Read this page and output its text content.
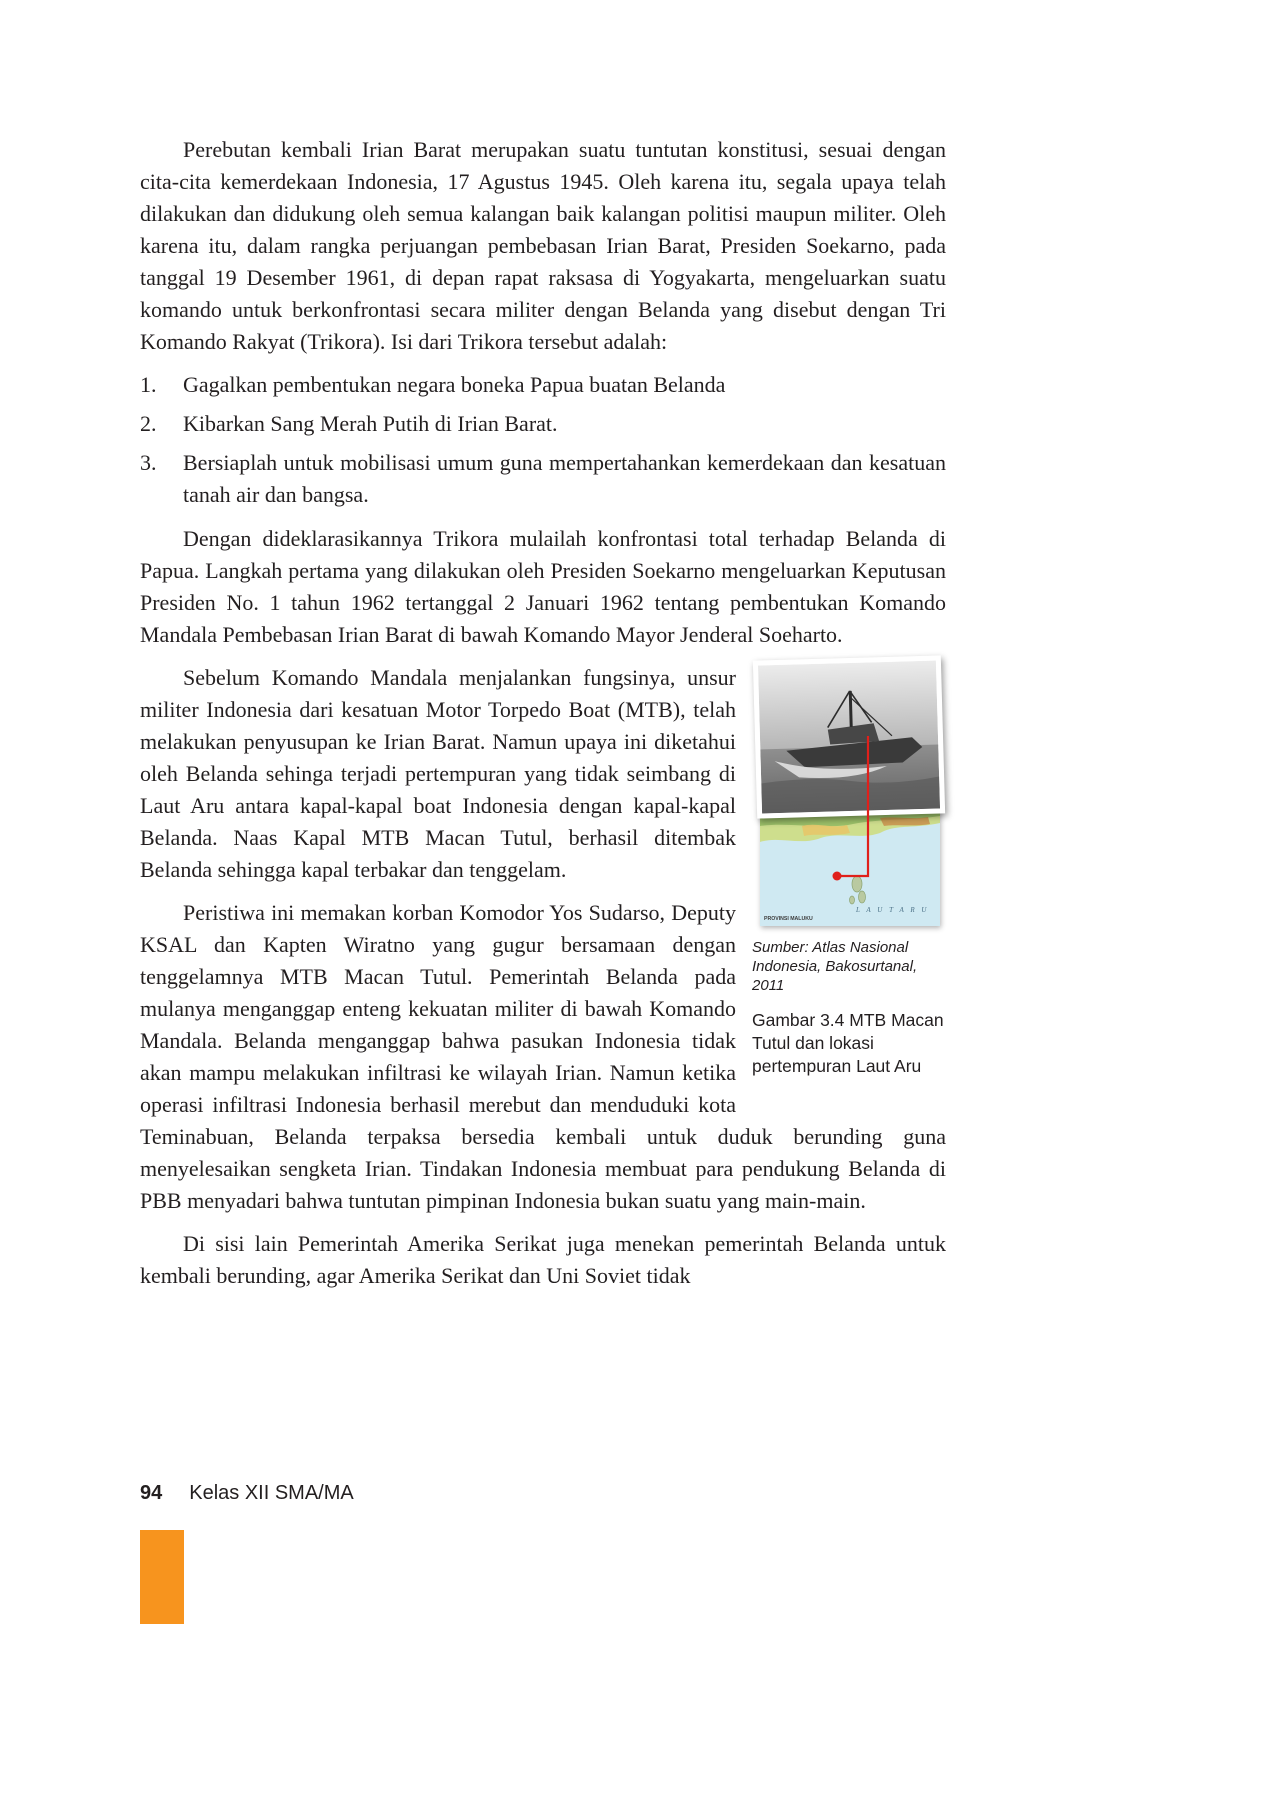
Perebutan kembali Irian Barat merupakan suatu tuntutan konstitusi, sesuai dengan cita-cita kemerdekaan Indonesia, 17 Agustus 1945. Oleh karena itu, segala upaya telah dilakukan dan didukung oleh semua kalangan baik kalangan politisi maupun militer. Oleh karena itu, dalam rangka perjuangan pembebasan Irian Barat, Presiden Soekarno, pada tanggal 19 Desember 1961, di depan rapat raksasa di Yogyakarta, mengeluarkan suatu komando untuk berkonfrontasi secara militer dengan Belanda yang disebut dengan Tri Komando Rakyat (Trikora). Isi dari Trikora tersebut adalah:

1.	Gagalkan pembentukan negara boneka Papua buatan Belanda
2.	Kibarkan Sang Merah Putih di Irian Barat.
3.	Bersiaplah untuk mobilisasi umum guna mempertahankan kemerdekaan dan kesatuan tanah air dan bangsa.

Dengan dideklarasikannya Trikora mulailah konfrontasi total terhadap Belanda di Papua. Langkah pertama yang dilakukan oleh Presiden Soekarno mengeluarkan Keputusan Presiden No. 1 tahun 1962 tertanggal 2 Januari 1962 tentang pembentukan Komando Mandala Pembebasan Irian Barat di bawah Komando Mayor Jenderal Soeharto.

L A U T A R U
PROVINSI MALUKU
Sumber: Atlas Nasional Indonesia, Bakosurtanal, 2011
Gambar 3.4 MTB Macan Tutul dan lokasi pertempuran Laut Aru

Sebelum Komando Mandala menjalankan fungsinya, unsur militer Indonesia dari kesatuan Motor Torpedo Boat (MTB), telah melakukan penyusupan ke Irian Barat. Namun upaya ini diketahui oleh Belanda sehinga terjadi pertempuran yang tidak seimbang di Laut Aru antara kapal-kapal boat Indonesia dengan kapal-kapal Belanda. Naas Kapal MTB Macan Tutul, berhasil ditembak Belanda sehingga kapal terbakar dan tenggelam.

Peristiwa ini memakan korban Komodor Yos Sudarso, Deputy KSAL dan Kapten Wiratno yang gugur bersamaan dengan tenggelamnya MTB Macan Tutul. Pemerintah Belanda pada mulanya menganggap enteng kekuatan militer di bawah Komando Mandala. Belanda menganggap bahwa pasukan Indonesia tidak akan mampu melakukan infiltrasi ke wilayah Irian. Namun ketika operasi infiltrasi Indonesia berhasil merebut dan menduduki kota Teminabuan, Belanda terpaksa bersedia kembali untuk duduk berunding guna menyelesaikan sengketa Irian. Tindakan Indonesia membuat para pendukung Belanda di PBB menyadari bahwa tuntutan pimpinan Indonesia bukan suatu yang main-main.

Di sisi lain Pemerintah Amerika Serikat juga menekan pemerintah Belanda untuk kembali berunding, agar Amerika Serikat dan Uni Soviet tidak

94 Kelas XII SMA/MA
